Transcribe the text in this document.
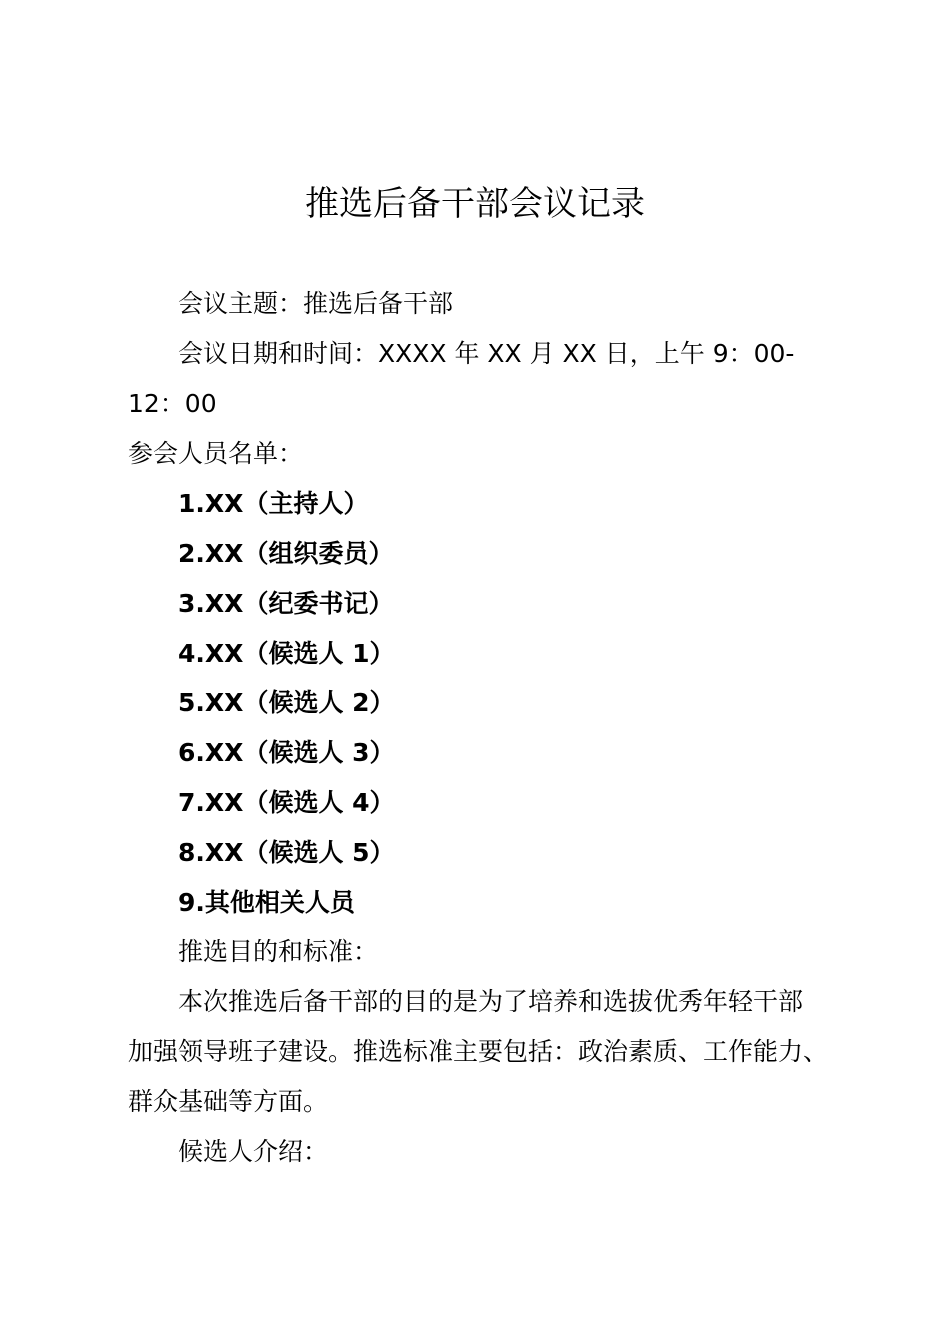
推选后备干部会议记录
会议主题：推选后备干部
会议日期和时间：XXXX 年 XX 月 XX 日，上午 9：00-
12：00
参会人员名单：
1.XX（主持人）
2.XX（组织委员）
3.XX（纪委书记）
4.XX（候选人 1）
5.XX（候选人 2）
6.XX（候选人 3）
7.XX（候选人 4）
8.XX（候选人 5）
9.其他相关人员
推选目的和标准：
本次推选后备干部的目的是为了培养和选拔优秀年轻干部
加强领导班子建设。推选标准主要包括：政治素质、工作能力、
群众基础等方面。
候选人介绍：
